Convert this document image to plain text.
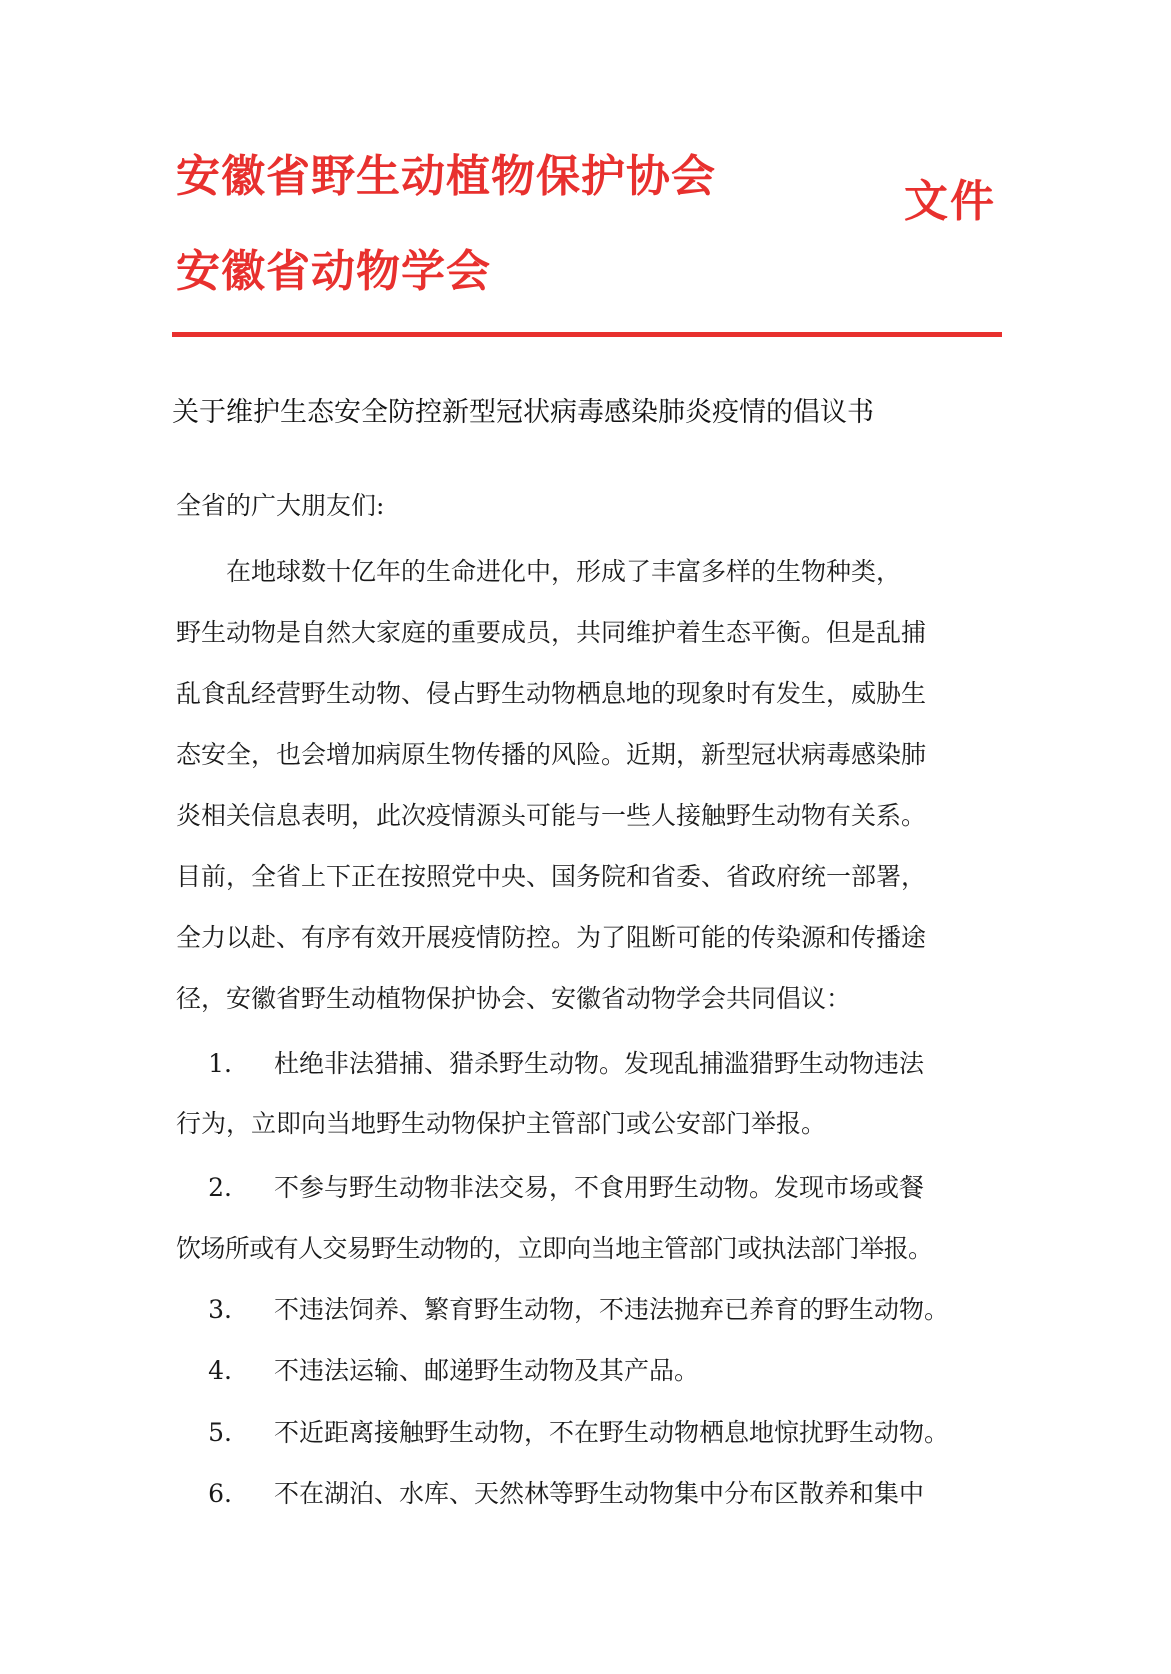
安徽省野生动植物保护协会
安徽省动物学会
文件
关于维护生态安全防控新型冠状病毒感染肺炎疫情的倡议书
全省的广大朋友们:
　　在地球数十亿年的生命进化中，形成了丰富多样的生物种类，
野生动物是自然大家庭的重要成员，共同维护着生态平衡。但是乱捕
乱食乱经营野生动物、侵占野生动物栖息地的现象时有发生，威胁生
态安全，也会增加病原生物传播的风险。近期，新型冠状病毒感染肺
炎相关信息表明，此次疫情源头可能与一些人接触野生动物有关系。
目前，全省上下正在按照党中央、国务院和省委、省政府统一部署，
全力以赴、有序有效开展疫情防控。为了阻断可能的传染源和传播途
径，安徽省野生动植物保护协会、安徽省动物学会共同倡议：
1. 杜绝非法猎捕、猎杀野生动物。发现乱捕滥猎野生动物违法
行为，立即向当地野生动物保护主管部门或公安部门举报。
2. 不参与野生动物非法交易，不食用野生动物。发现市场或餐
饮场所或有人交易野生动物的，立即向当地主管部门或执法部门举报。
3. 不违法饲养、繁育野生动物，不违法抛弃已养育的野生动物。
4. 不违法运输、邮递野生动物及其产品。
5. 不近距离接触野生动物，不在野生动物栖息地惊扰野生动物。
6. 不在湖泊、水库、天然林等野生动物集中分布区散养和集中
